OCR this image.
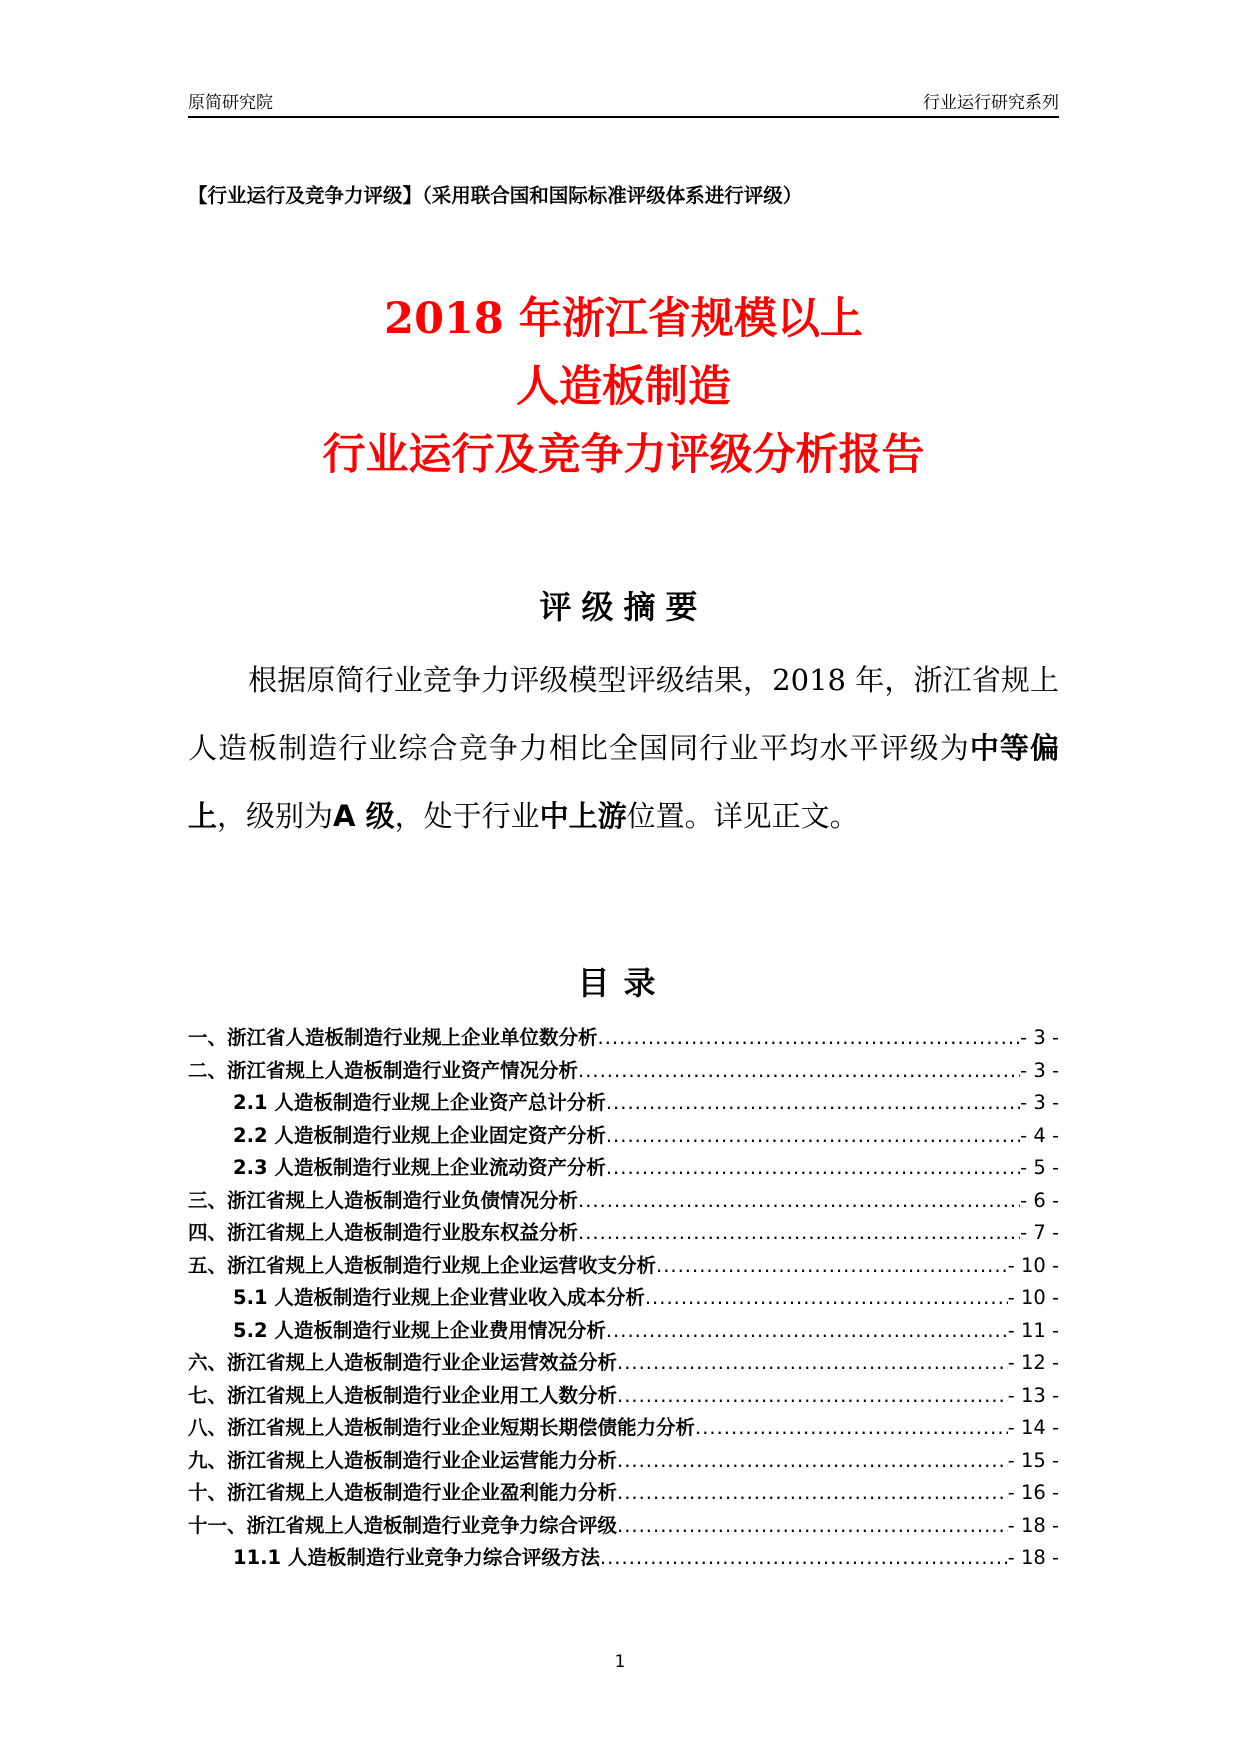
原简研究院	行业运行研究系列
【行业运行及竞争力评级】（采用联合国和国际标准评级体系进行评级）
2018 年浙江省规模以上
人造板制造
行业运行及竞争力评级分析报告
评级摘要
根据原简行业竞争力评级模型评级结果，2018 年，浙江省规上人造板制造行业综合竞争力相比全国同行业平均水平评级为中等偏上，级别为A 级，处于行业中上游位置。详见正文。
目录
一、浙江省人造板制造行业规上企业单位数分析 .....	- 3 -
二、浙江省规上人造板制造行业资产情况分析 .....	- 3 -
2.1 人造板制造行业规上企业资产总计分析 .....	- 3 -
2.2 人造板制造行业规上企业固定资产分析 .....	- 4 -
2.3 人造板制造行业规上企业流动资产分析 .....	- 5 -
三、浙江省规上人造板制造行业负债情况分析 .....	- 6 -
四、浙江省规上人造板制造行业股东权益分析 .....	- 7 -
五、浙江省规上人造板制造行业规上企业运营收支分析 .....	- 10 -
5.1 人造板制造行业规上企业营业收入成本分析 .....	- 10 -
5.2 人造板制造行业规上企业费用情况分析 .....	- 11 -
六、浙江省规上人造板制造行业企业运营效益分析 .....	- 12 -
七、浙江省规上人造板制造行业企业用工人数分析 .....	- 13 -
八、浙江省规上人造板制造行业企业短期长期偿债能力分析 .....	- 14 -
九、浙江省规上人造板制造行业企业运营能力分析 .....	- 15 -
十、浙江省规上人造板制造行业企业盈利能力分析 .....	- 16 -
十一、浙江省规上人造板制造行业竞争力综合评级 .....	- 18 -
11.1 人造板制造行业竞争力综合评级方法 .....	- 18 -
1
